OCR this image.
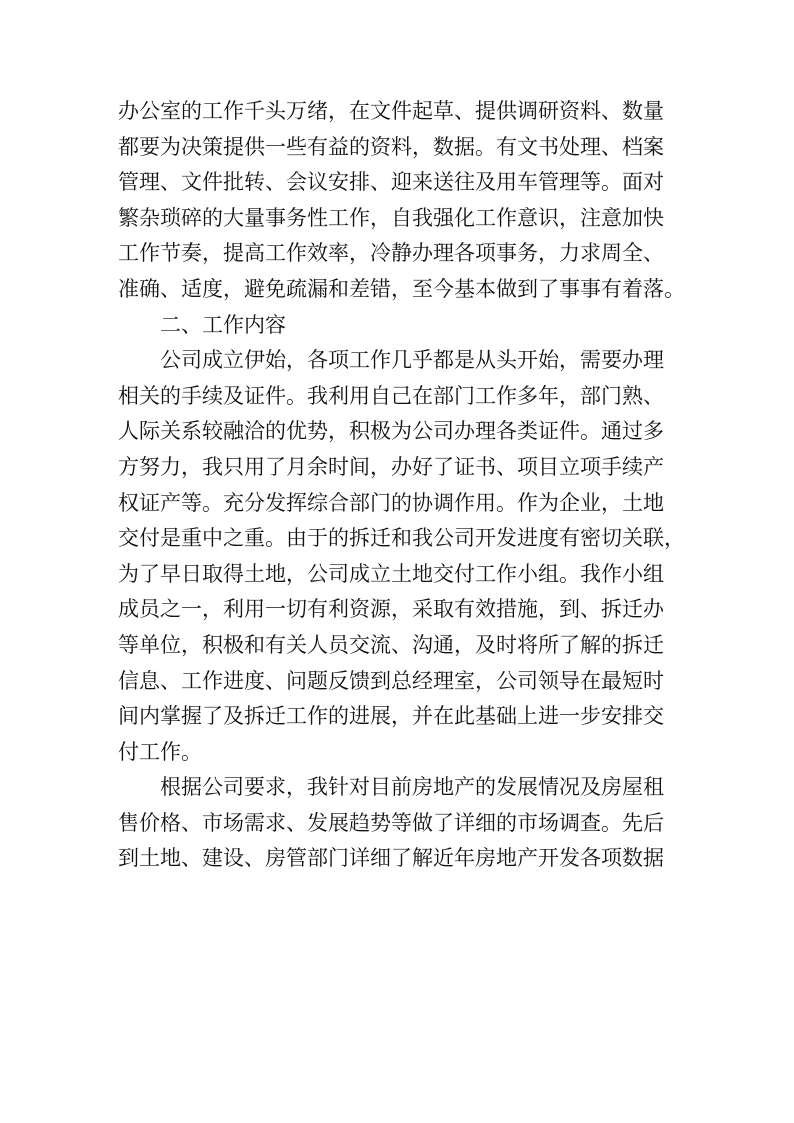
办公室的工作千头万绪，在文件起草、提供调研资料、数量
都要为决策提供一些有益的资料，数据。有文书处理、档案
管理、文件批转、会议安排、迎来送往及用车管理等。面对
繁杂琐碎的大量事务性工作，自我强化工作意识，注意加快
工作节奏，提高工作效率，冷静办理各项事务，力求周全、
准确、适度，避免疏漏和差错，至今基本做到了事事有着落。
二、工作内容
公司成立伊始，各项工作几乎都是从头开始，需要办理
相关的手续及证件。我利用自己在部门工作多年，部门熟、
人际关系较融洽的优势，积极为公司办理各类证件。通过多
方努力，我只用了月余时间，办好了证书、项目立项手续产
权证产等。充分发挥综合部门的协调作用。作为企业，土地
交付是重中之重。由于的拆迁和我公司开发进度有密切关联，
为了早日取得土地，公司成立土地交付工作小组。我作小组
成员之一，利用一切有利资源，采取有效措施，到、拆迁办
等单位，积极和有关人员交流、沟通，及时将所了解的拆迁
信息、工作进度、问题反馈到总经理室，公司领导在最短时
间内掌握了及拆迁工作的进展，并在此基础上进一步安排交
付工作。
根据公司要求，我针对目前房地产的发展情况及房屋租
售价格、市场需求、发展趋势等做了详细的市场调查。先后
到土地、建设、房管部门详细了解近年房地产开发各项数据
